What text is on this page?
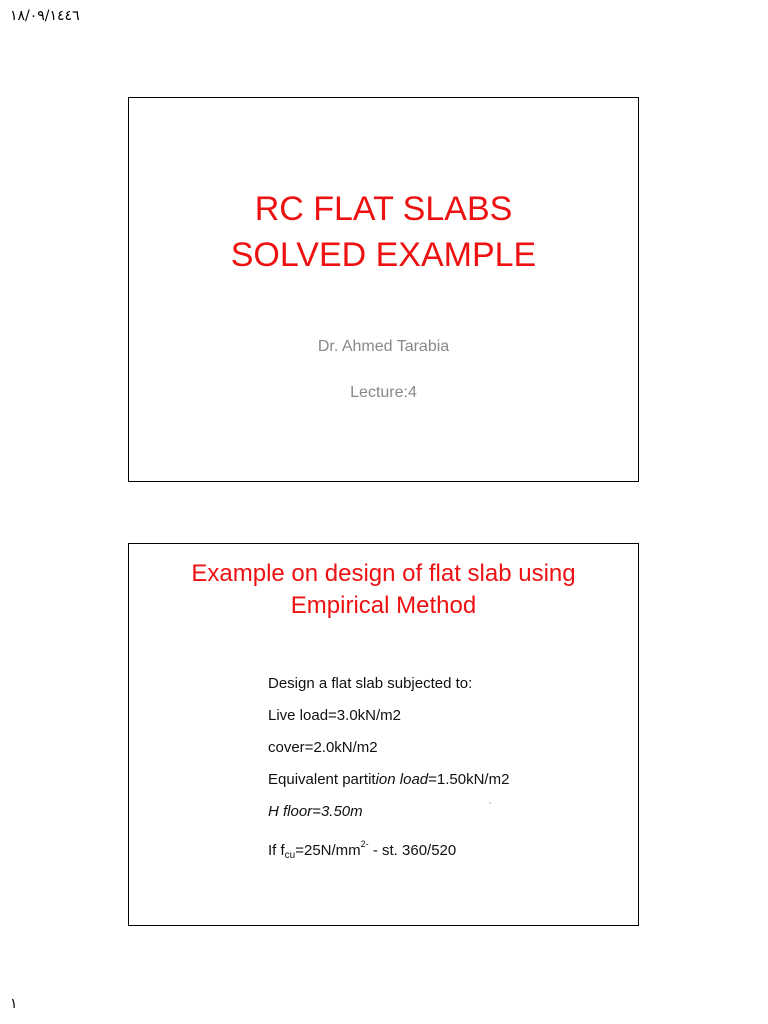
١٨/٠٩/١٤٤٦
RC FLAT SLABS
SOLVED EXAMPLE
Dr. Ahmed Tarabia
Lecture:4
Example on design of flat slab using
Empirical Method
Design a flat slab subjected to:
Live load=3.0kN/m2
cover=2.0kN/m2
Equivalent partition load=1.50kN/m2
H floor=3.50m
If $f_{cu}=25N/mm^{2-}$ - st. 360/520
١
